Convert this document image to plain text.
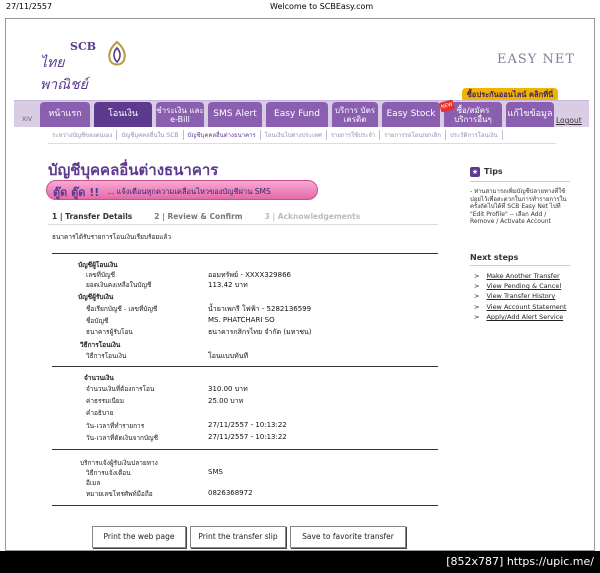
27/11/2557	Welcome to SCBEasy.com
SCB
ไทยพาณิชย์
EASY NET
ซื้อประกันออนไลน์ คลิกที่นี่
XIV
หน้าแรก	โอนเงิน	ชำระเงิน และ e-Bill	SMS Alert	Easy Fund	บริการ บัตรเครดิต	Easy Stock	ซื้อ/สมัคร บริการอื่นๆ
NEW
แก้ไขข้อมูล
Logout
ระหว่างบัญชีของตนเอง	บัญชีบุคคลอื่นใน SCB	บัญชีบุคคลอื่นต่างธนาคาร	โอนเงินไปต่างประเทศ	รายการใช้ประจำ	รายการรอโอน/ยกเลิก	ประวัติการโอนเงิน
บัญชีบุคคลอื่นต่างธนาคาร
ตู๊ด ตู๊ด !! ... แจ้งเตือนทุกความเคลื่อนไหวของบัญชีผ่าน SMS
1 | Transfer Details	2 | Review & Confirm	3 | Acknowledgements
ธนาคารได้รับรายการโอนเงินเรียบร้อยแล้ว
บัญชีผู้โอนเงิน
เลขที่บัญชี	ออมทรัพย์ - XXXX329866
ยอดเงินคงเหลือในบัญชี	113.42 บาท
บัญชีผู้รับเงิน
ชื่อเรียกบัญชี - เลขที่บัญชี	น้ำยาเพกรี โฟฟ้า - 5282136599
ชื่อบัญชี	MS. PHATCHARI SO
ธนาคารผู้รับโอน	ธนาคารกสิกรไทย จำกัด (มหาชน)
วิธีการโอนเงิน
วิธีการโอนเงิน	โอนแบบทันที
จำนวนเงิน
จำนวนเงินที่ต้องการโอน	310.00 บาท
ค่าธรรมเนียม	25.00 บาท
คำอธิบาย
วัน-เวลาที่ทำรายการ	27/11/2557 - 10:13:22
วัน-เวลาที่ตัดเงินจากบัญชี	27/11/2557 - 10:13:22
บริการแจ้งผู้รับเงินปลายทาง
วิธีการแจ้งเตือน	SMS
อีเมล
หมายเลขโทรศัพท์มือถือ	0826368972
★ Tips
- ท่านสามารถเพิ่มบัญชีปลายทางที่ใช้บ่อยไว้เพื่อสะดวกในการทำรายการในครั้งถัดไปได้ที่ SCB Easy Net ไปที่ "Edit Profile" -- เลือก Add / Remove / Activate Account
Next steps
> Make Another Transfer
> View Pending & Cancel
> View Transfer History
> View Account Statement
> Apply/Add Alert Service
Print the web page	Print the transfer slip	Save to favorite transfer
[852x787] https://upic.me/
